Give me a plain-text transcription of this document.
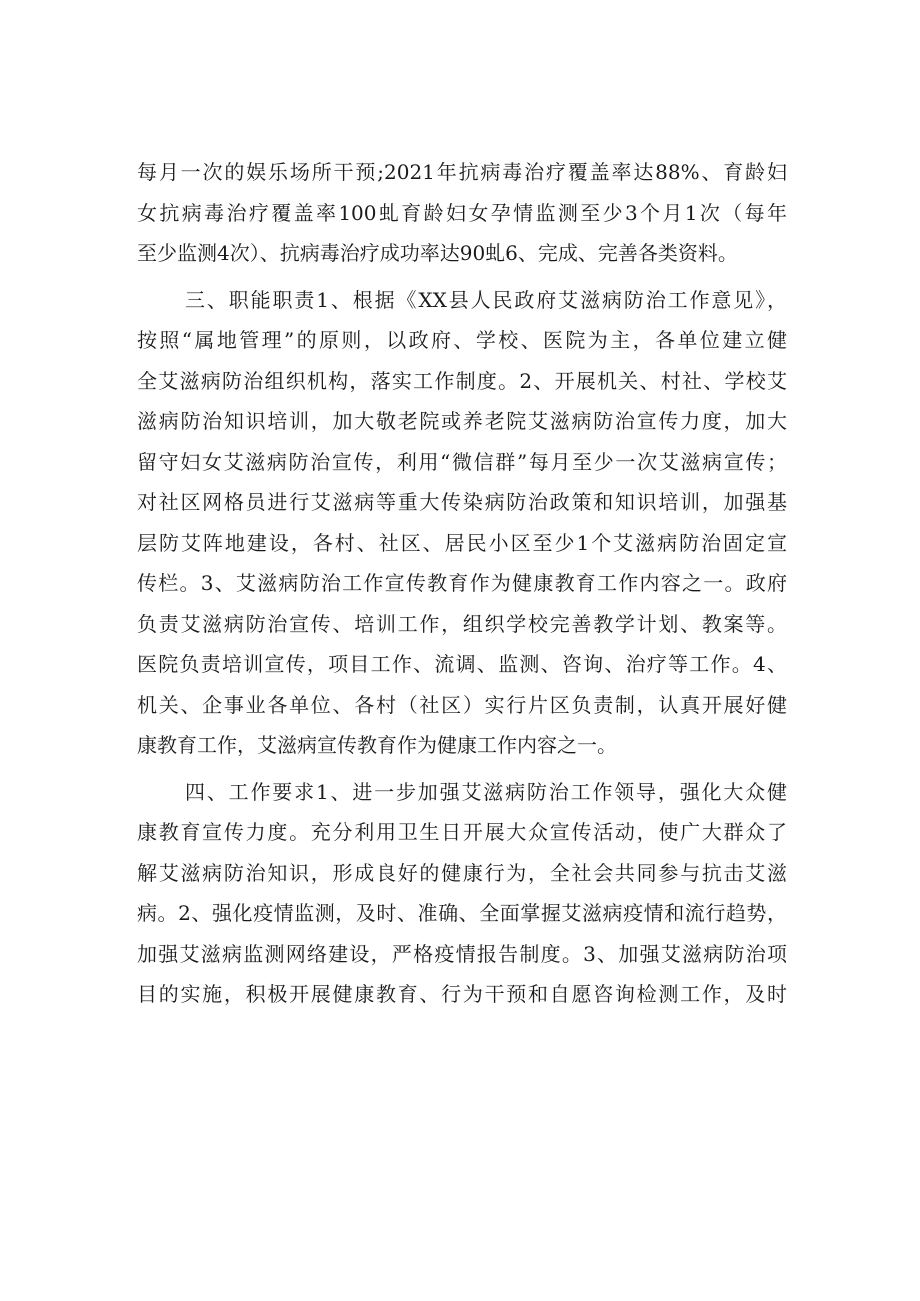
每月一次的娱乐场所干预;2021年抗病毒治疗覆盖率达88%、育龄妇
女抗病毒治疗覆盖率100虬育龄妇女孕情监测至少3个月1次（每年
至少监测4次）、抗病毒治疗成功率达90虬6、完成、完善各类资料。
三、职能职责1、根据《XX县人民政府艾滋病防治工作意见》，
按照“属地管理”的原则，以政府、学校、医院为主，各单位建立健
全艾滋病防治组织机构，落实工作制度。2、开展机关、村社、学校艾
滋病防治知识培训，加大敬老院或养老院艾滋病防治宣传力度，加大
留守妇女艾滋病防治宣传，利用“微信群”每月至少一次艾滋病宣传；
对社区网格员进行艾滋病等重大传染病防治政策和知识培训，加强基
层防艾阵地建设，各村、社区、居民小区至少1个艾滋病防治固定宣
传栏。3、艾滋病防治工作宣传教育作为健康教育工作内容之一。政府
负责艾滋病防治宣传、培训工作，组织学校完善教学计划、教案等。
医院负责培训宣传，项目工作、流调、监测、咨询、治疗等工作。4、
机关、企事业各单位、各村（社区）实行片区负责制，认真开展好健
康教育工作，艾滋病宣传教育作为健康工作内容之一。
四、工作要求1、进一步加强艾滋病防治工作领导，强化大众健
康教育宣传力度。充分利用卫生日开展大众宣传活动，使广大群众了
解艾滋病防治知识，形成良好的健康行为，全社会共同参与抗击艾滋
病。2、强化疫情监测，及时、准确、全面掌握艾滋病疫情和流行趋势，
加强艾滋病监测网络建设，严格疫情报告制度。3、加强艾滋病防治项
目的实施，积极开展健康教育、行为干预和自愿咨询检测工作，及时
